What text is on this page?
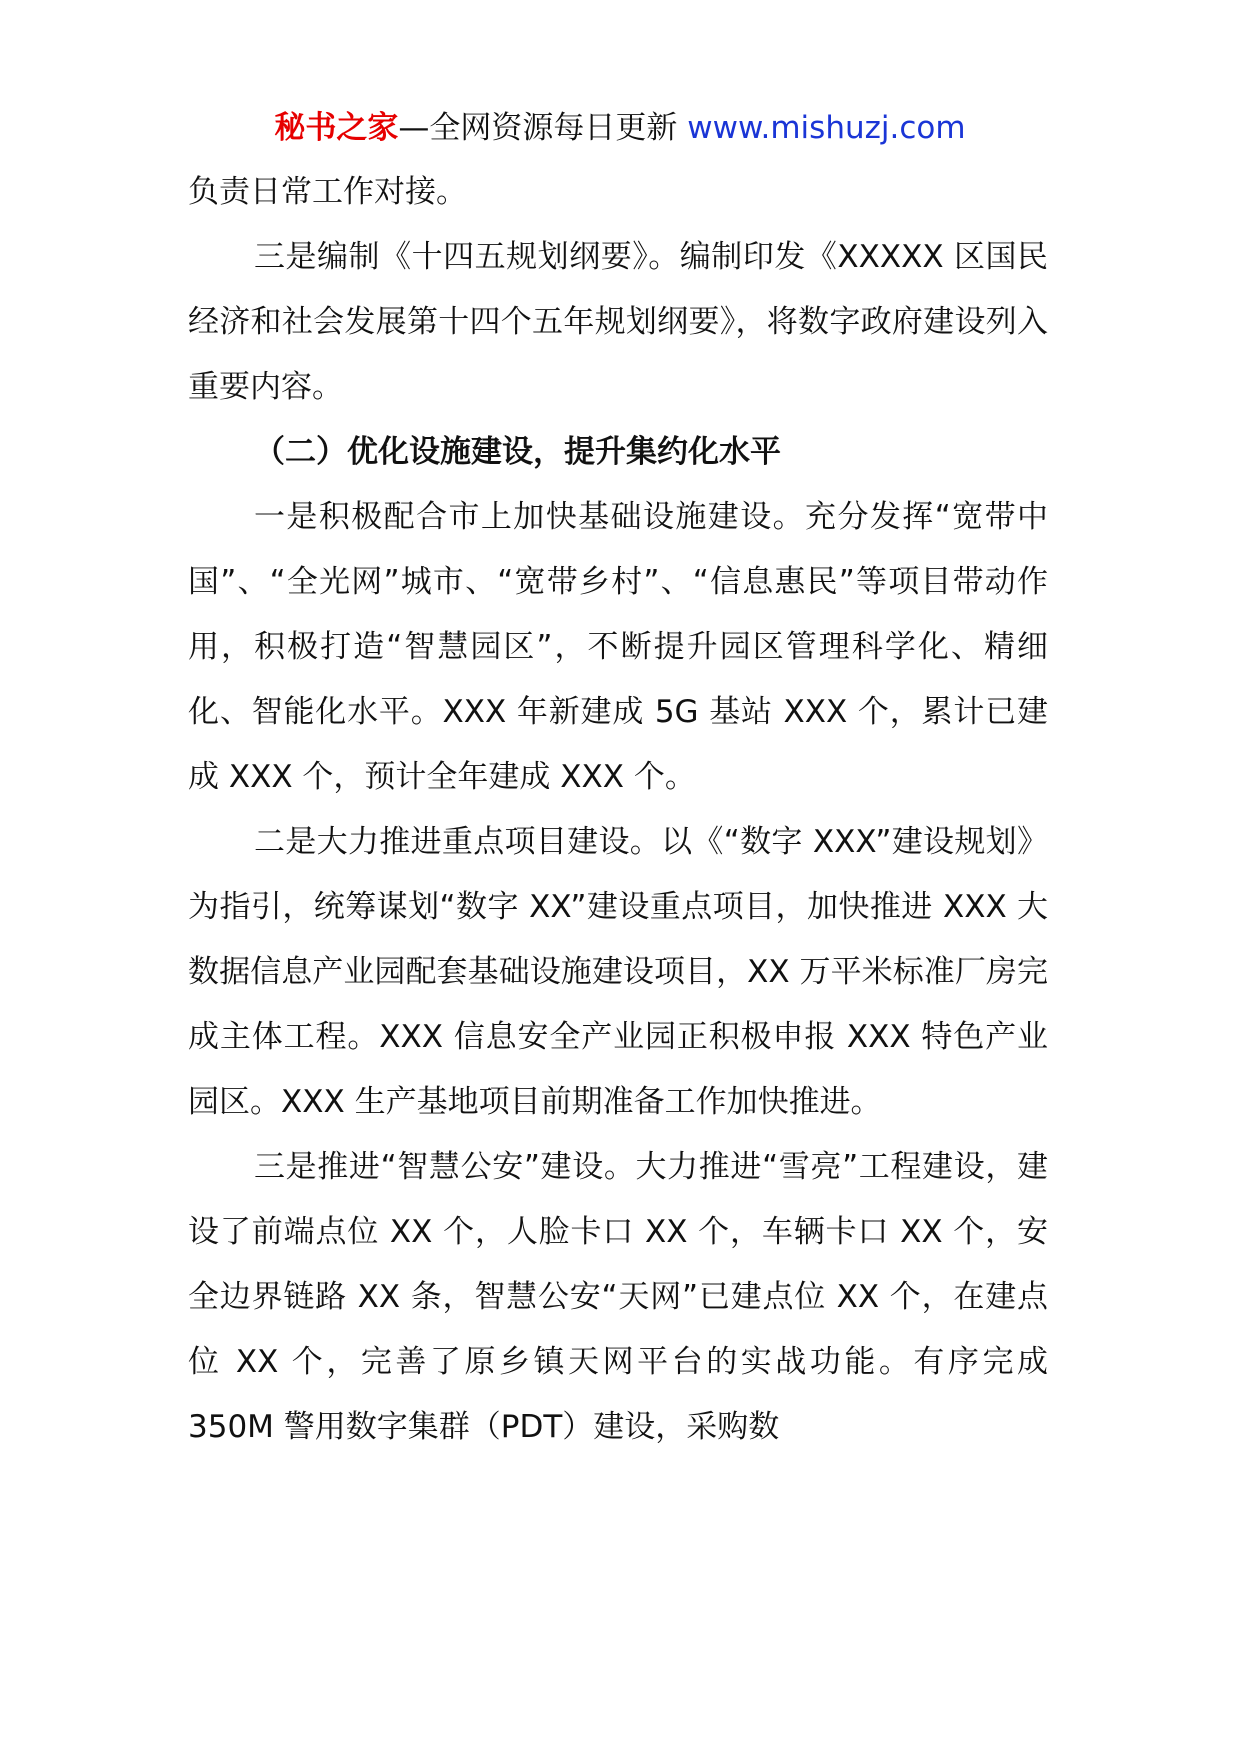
秘书之家—全网资源每日更新 www.mishuzj.com

负责日常工作对接。

三是编制《十四五规划纲要》。编制印发《XXXXX 区国民经济和社会发展第十四个五年规划纲要》，将数字政府建设列入重要内容。

（二）优化设施建设，提升集约化水平

一是积极配合市上加快基础设施建设。充分发挥“宽带中国”、“全光网”城市、“宽带乡村”、“信息惠民”等项目带动作用，积极打造“智慧园区”，不断提升园区管理科学化、精细化、智能化水平。XXX 年新建成 5G 基站 XXX 个，累计已建成 XXX 个，预计全年建成 XXX 个。

二是大力推进重点项目建设。以《“数字 XXX”建设规划》为指引，统筹谋划“数字 XX”建设重点项目，加快推进 XXX 大数据信息产业园配套基础设施建设项目，XX 万平米标准厂房完成主体工程。XXX 信息安全产业园正积极申报 XXX 特色产业园区。XXX 生产基地项目前期准备工作加快推进。

三是推进“智慧公安”建设。大力推进“雪亮”工程建设，建设了前端点位 XX 个，人脸卡口 XX 个，车辆卡口 XX 个，安全边界链路 XX 条，智慧公安“天网”已建点位 XX 个，在建点位 XX 个，完善了原乡镇天网平台的实战功能。有序完成 350M 警用数字集群（PDT）建设，采购数
